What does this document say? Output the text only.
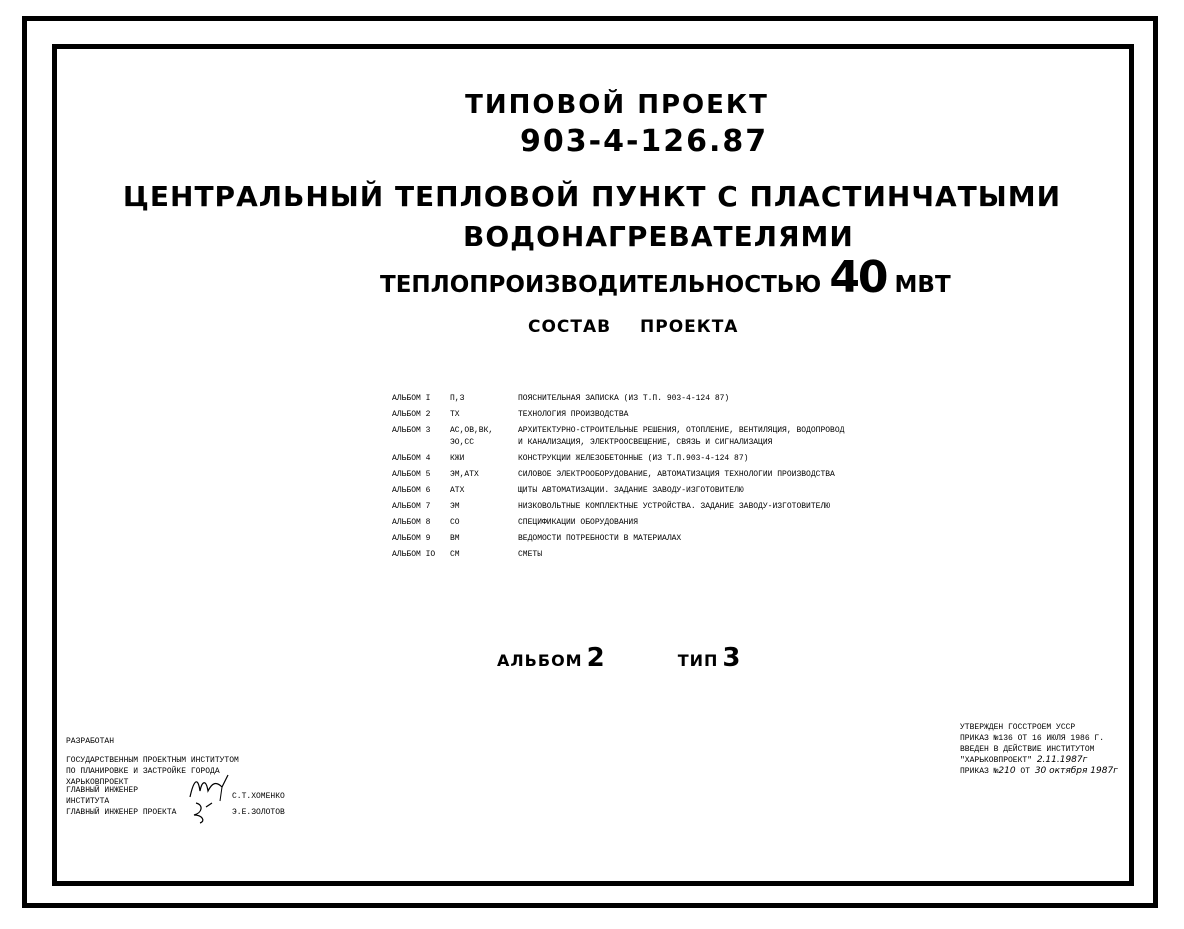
ТИПОВОЙ ПРОЕКТ
903-4-126.87
ЦЕНТРАЛЬНЫЙ ТЕПЛОВОЙ ПУНКТ С ПЛАСТИНЧАТЫМИ
ВОДОНАГРЕВАТЕЛЯМИ
ТЕПЛОПРОИЗВОДИТЕЛЬНОСТЬЮ 40 МВТ
СОСТАВ ПРОЕКТА
АЛЬБОМ I	П,З	ПОЯСНИТЕЛЬНАЯ ЗАПИСКА (ИЗ Т.П. 903-4-124 87)
АЛЬБОМ 2	ТХ	ТЕХНОЛОГИЯ ПРОИЗВОДСТВА
АЛЬБОМ 3	АС,ОВ,ВК,	АРХИТЕКТУРНО-СТРОИТЕЛЬНЫЕ РЕШЕНИЯ, ОТОПЛЕНИЕ, ВЕНТИЛЯЦИЯ, ВОДОПРОВОД
ЭО,СС	И КАНАЛИЗАЦИЯ, ЭЛЕКТРООСВЕЩЕНИЕ, СВЯЗЬ И СИГНАЛИЗАЦИЯ
АЛЬБОМ 4	КЖИ	КОНСТРУКЦИИ ЖЕЛЕЗОБЕТОННЫЕ (ИЗ Т.П.903-4-124 87)
АЛЬБОМ 5	ЭМ,АТХ	СИЛОВОЕ ЭЛЕКТРООБОРУДОВАНИЕ, АВТОМАТИЗАЦИЯ ТЕХНОЛОГИИ ПРОИЗВОДСТВА
АЛЬБОМ 6	АТХ	ЩИТЫ АВТОМАТИЗАЦИИ. ЗАДАНИЕ ЗАВОДУ-ИЗГОТОВИТЕЛЮ
АЛЬБОМ 7	ЭМ	НИЗКОВОЛЬТНЫЕ КОМПЛЕКТНЫЕ УСТРОЙСТВА. ЗАДАНИЕ ЗАВОДУ-ИЗГОТОВИТЕЛЮ
АЛЬБОМ 8	СО	СПЕЦИФИКАЦИИ ОБОРУДОВАНИЯ
АЛЬБОМ 9	ВМ	ВЕДОМОСТИ ПОТРЕБНОСТИ В МАТЕРИАЛАХ
АЛЬБОМ IO	СМ	СМЕТЫ
АЛЬБОМ 2	ТИП 3
РАЗРАБОТАН
ГОСУДАРСТВЕННЫМ ПРОЕКТНЫМ ИНСТИТУТОМ
ПО ПЛАНИРОВКЕ И ЗАСТРОЙКЕ ГОРОДА
ХАРЬКОВПРОЕКТ
ГЛАВНЫЙ ИНЖЕНЕР ИНСТИТУТА
С.Т.ХОМЕНКО
ГЛАВНЫЙ ИНЖЕНЕР ПРОЕКТА	Э.Е.ЗОЛОТОВ
УТВЕРЖДЕН ГОССТРОЕМ УССР
ПРИКАЗ №136 ОТ 16 ИЮЛЯ 1986 Г.
ВВЕДЕН В ДЕЙСТВИЕ ИНСТИТУТОМ
"ХАРЬКОВПРОЕКТ" 2.11.1987г
ПРИКАЗ №210 ОТ 30 октября 1987г
